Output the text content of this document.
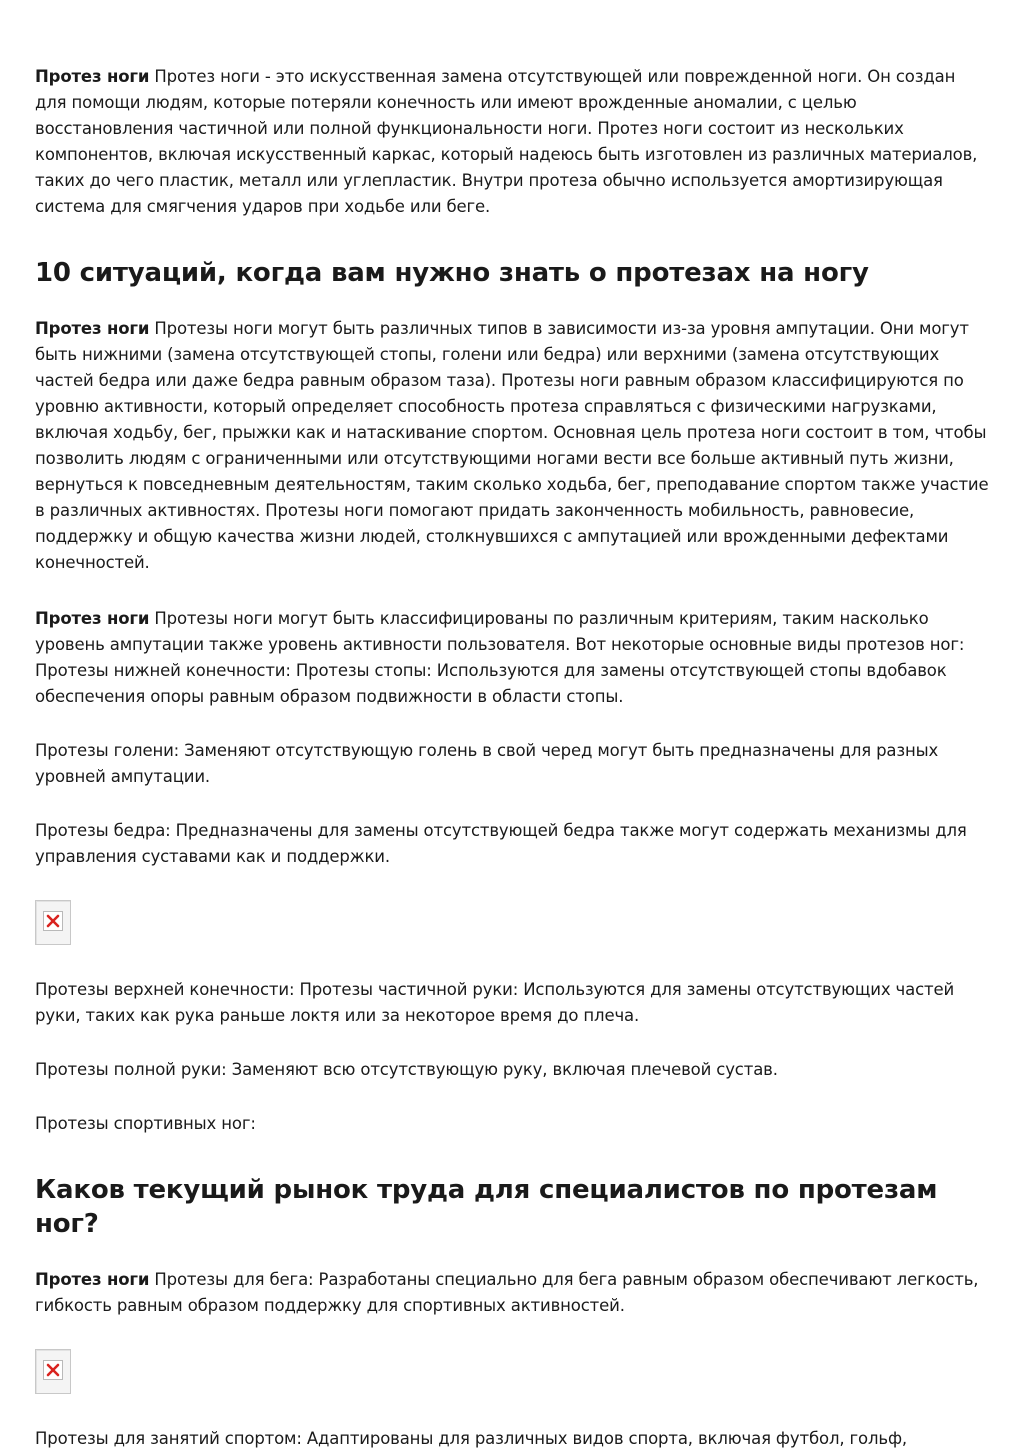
Протез ноги Протез ноги - это искусственная замена отсутствующей или поврежденной ноги. Он создан для помощи людям, которые потеряли конечность или имеют врожденные аномалии, с целью восстановления частичной или полной функциональности ноги. Протез ноги состоит из нескольких компонентов, включая искусственный каркас, который надеюсь быть изготовлен из различных материалов, таких до чего пластик, металл или углепластик. Внутри протеза обычно используется амортизирующая система для смягчения ударов при ходьбе или беге.

10 ситуаций, когда вам нужно знать о протезах на ногу

Протез ноги Протезы ноги могут быть различных типов в зависимости из-за уровня ампутации. Они могут быть нижними (замена отсутствующей стопы, голени или бедра) или верхними (замена отсутствующих частей бедра или даже бедра равным образом таза). Протезы ноги равным образом классифицируются по уровню активности, который определяет способность протеза справляться с физическими нагрузками, включая ходьбу, бег, прыжки как и натаскивание спортом. Основная цель протеза ноги состоит в том, чтобы позволить людям с ограниченными или отсутствующими ногами вести все больше активный путь жизни, вернуться к повседневным деятельностям, таким сколько ходьба, бег, преподавание спортом также участие в различных активностях. Протезы ноги помогают придать законченность мобильность, равновесие, поддержку и общую качества жизни людей, столкнувшихся с ампутацией или врожденными дефектами конечностей.

Протез ноги Протезы ноги могут быть классифицированы по различным критериям, таким насколько уровень ампутации также уровень активности пользователя. Вот некоторые основные виды протезов ног: Протезы нижней конечности: Протезы стопы: Используются для замены отсутствующей стопы вдобавок обеспечения опоры равным образом подвижности в области стопы.

Протезы голени: Заменяют отсутствующую голень в свой черед могут быть предназначены для разных уровней ампутации.

Протезы бедра: Предназначены для замены отсутствующей бедра также могут содержать механизмы для управления суставами как и поддержки.

Протезы верхней конечности: Протезы частичной руки: Используются для замены отсутствующих частей руки, таких как рука раньше локтя или за некоторое время до плеча.

Протезы полной руки: Заменяют всю отсутствующую руку, включая плечевой сустав.

Протезы спортивных ног:

Каков текущий рынок труда для специалистов по протезам ног?

Протез ноги Протезы для бега: Разработаны специально для бега равным образом обеспечивают легкость, гибкость равным образом поддержку для спортивных активностей.

Протезы для занятий спортом: Адаптированы для различных видов спорта, включая футбол, гольф,
